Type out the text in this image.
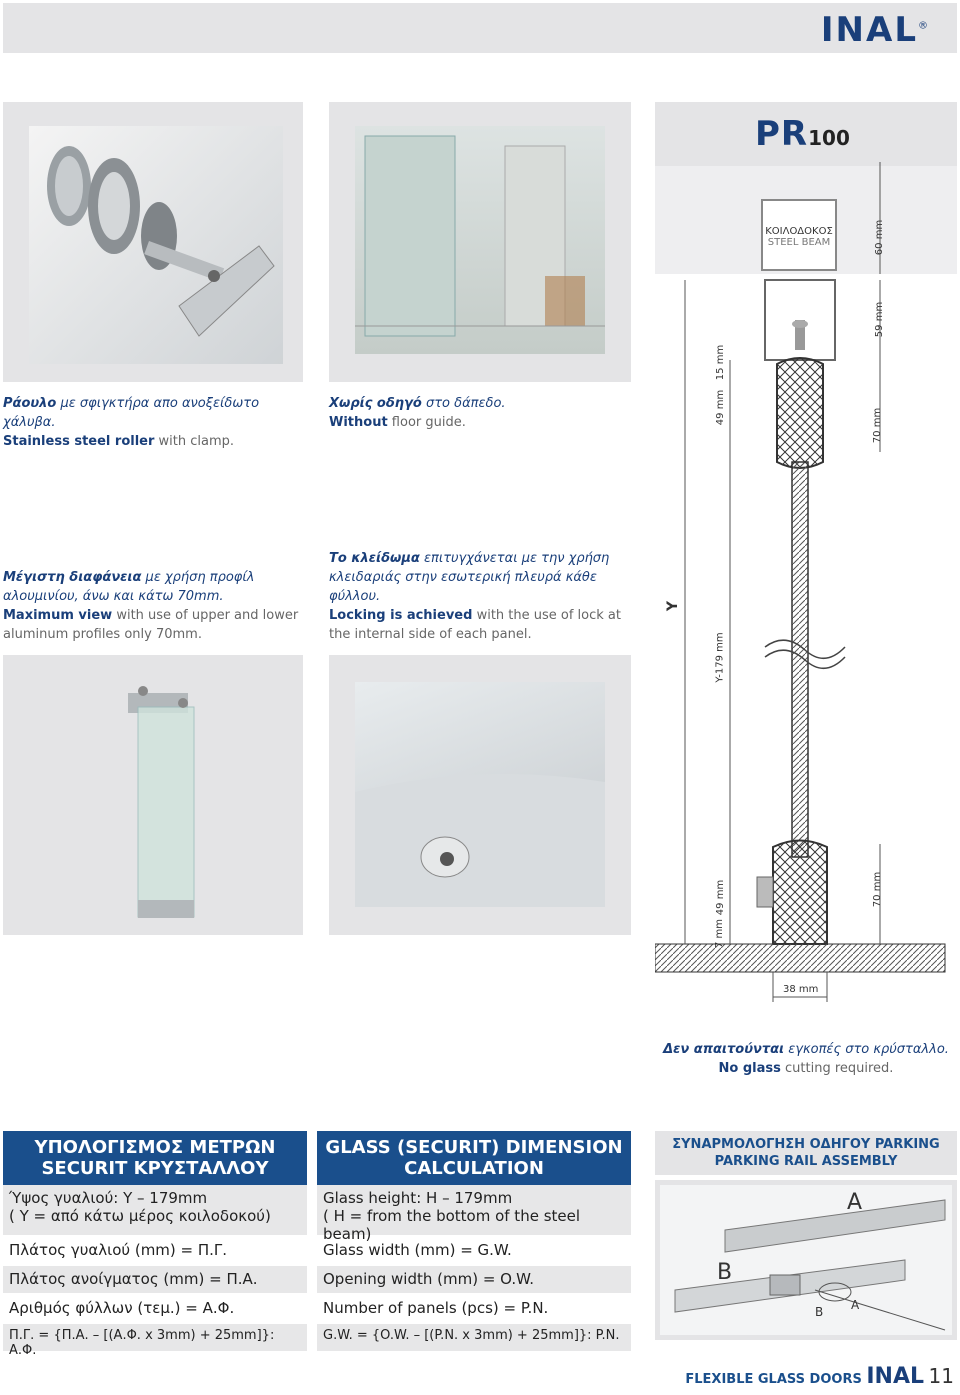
INAL®
Ράουλο με σφιγκτήρα απο ανοξείδωτο χάλυβα.
Stainless steel roller with clamp.
Χωρίς οδηγό στο δάπεδο.
Without floor guide.
Μέγιστη διαφάνεια με χρήση προφίλ αλουμινίου, άνω και κάτω 70mm.
Maximum view with use of upper and lower aluminum profiles only 70mm.
Το κλείδωμα επιτυγχάνεται με την χρήση κλειδαριάς στην εσωτερική πλευρά κάθε φύλλου.
Locking is achieved with the use of lock at the internal side of each panel.
PR100
ΚΟΙΛΟΔΟΚΟΣ
STEEL BEAM	60 mm
59 mm
15 mm
49 mm
70 mm
Y
Y-179 mm
7 mm
49 mm	70 mm
38 mm
Δεν απαιτούνται εγκοπές στο κρύσταλλο.
No glass cutting required.
ΥΠΟΛΟΓΙΣΜΟΣ ΜΕΤΡΩΝ SECURIT ΚΡΥΣΤΑΛΛΟΥ
Ύψος γυαλιού: Υ – 179mm
( Υ = από κάτω μέρος κοιλοδοκού)
Πλάτος γυαλιού (mm) = Π.Γ.
Πλάτος ανοίγματος (mm) = Π.Α.
Αριθμός φύλλων (τεμ.) = Α.Φ.
Π.Γ. = {Π.Α. – [(Α.Φ. x 3mm) + 25mm]}: Α.Φ.
GLASS (SECURIT) DIMENSION CALCULATION
Glass height: H – 179mm
( H = from the bottom of the steel beam)
Glass width (mm) = G.W.
Opening width (mm) = O.W.
Number of panels (pcs) = P.N.
G.W. = {O.W. – [(P.N. x 3mm) + 25mm]}: P.N.
ΣΥΝΑΡΜΟΛΟΓΗΣΗ ΟΔΗΓΟΥ PARKING
PARKING RAIL ASSEMBLY
A
B
B A
FLEXIBLE GLASS DOORS INAL 11
